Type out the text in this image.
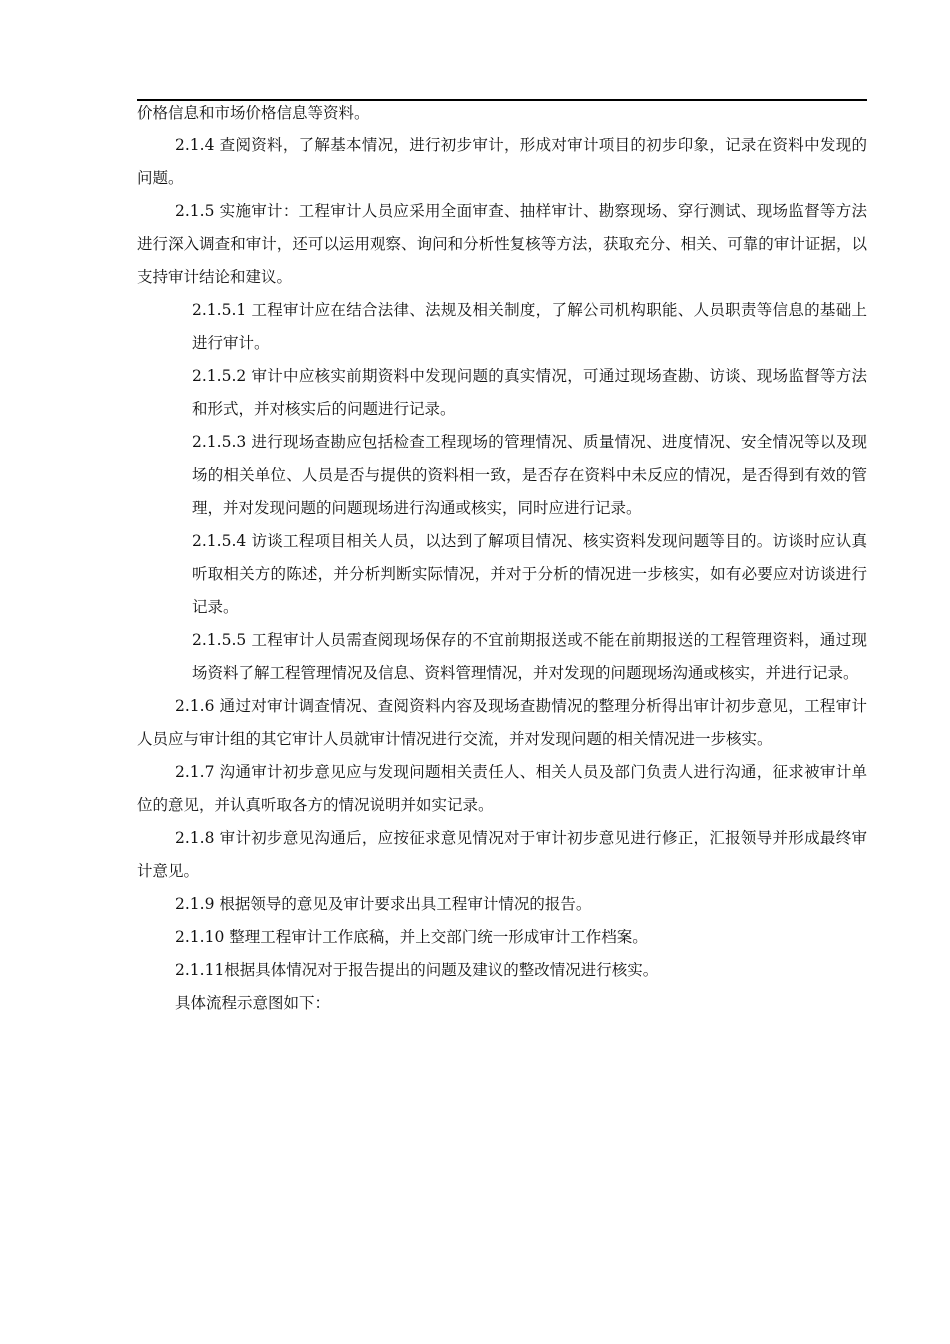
价格信息和市场价格信息等资料。

2.1.4 查阅资料，了解基本情况，进行初步审计，形成对审计项目的初步印象，记录在资料中发现的问题。

2.1.5 实施审计：工程审计人员应采用全面审查、抽样审计、勘察现场、穿行测试、现场监督等方法进行深入调查和审计，还可以运用观察、询问和分析性复核等方法，获取充分、相关、可靠的审计证据，以支持审计结论和建议。

2.1.5.1 工程审计应在结合法律、法规及相关制度，了解公司机构职能、人员职责等信息的基础上进行审计。

2.1.5.2 审计中应核实前期资料中发现问题的真实情况，可通过现场查勘、访谈、现场监督等方法和形式，并对核实后的问题进行记录。

2.1.5.3 进行现场查勘应包括检查工程现场的管理情况、质量情况、进度情况、安全情况等以及现场的相关单位、人员是否与提供的资料相一致，是否存在资料中未反应的情况，是否得到有效的管理，并对发现问题的问题现场进行沟通或核实，同时应进行记录。

2.1.5.4 访谈工程项目相关人员，以达到了解项目情况、核实资料发现问题等目的。访谈时应认真听取相关方的陈述，并分析判断实际情况，并对于分析的情况进一步核实，如有必要应对访谈进行记录。

2.1.5.5 工程审计人员需查阅现场保存的不宜前期报送或不能在前期报送的工程管理资料，通过现场资料了解工程管理情况及信息、资料管理情况，并对发现的问题现场沟通或核实，并进行记录。

2.1.6 通过对审计调查情况、查阅资料内容及现场查勘情况的整理分析得出审计初步意见，工程审计人员应与审计组的其它审计人员就审计情况进行交流，并对发现问题的相关情况进一步核实。

2.1.7 沟通审计初步意见应与发现问题相关责任人、相关人员及部门负责人进行沟通，征求被审计单位的意见，并认真听取各方的情况说明并如实记录。

2.1.8 审计初步意见沟通后，应按征求意见情况对于审计初步意见进行修正，汇报领导并形成最终审计意见。

2.1.9 根据领导的意见及审计要求出具工程审计情况的报告。

2.1.10 整理工程审计工作底稿，并上交部门统一形成审计工作档案。

2.1.11根据具体情况对于报告提出的问题及建议的整改情况进行核实。

具体流程示意图如下：
